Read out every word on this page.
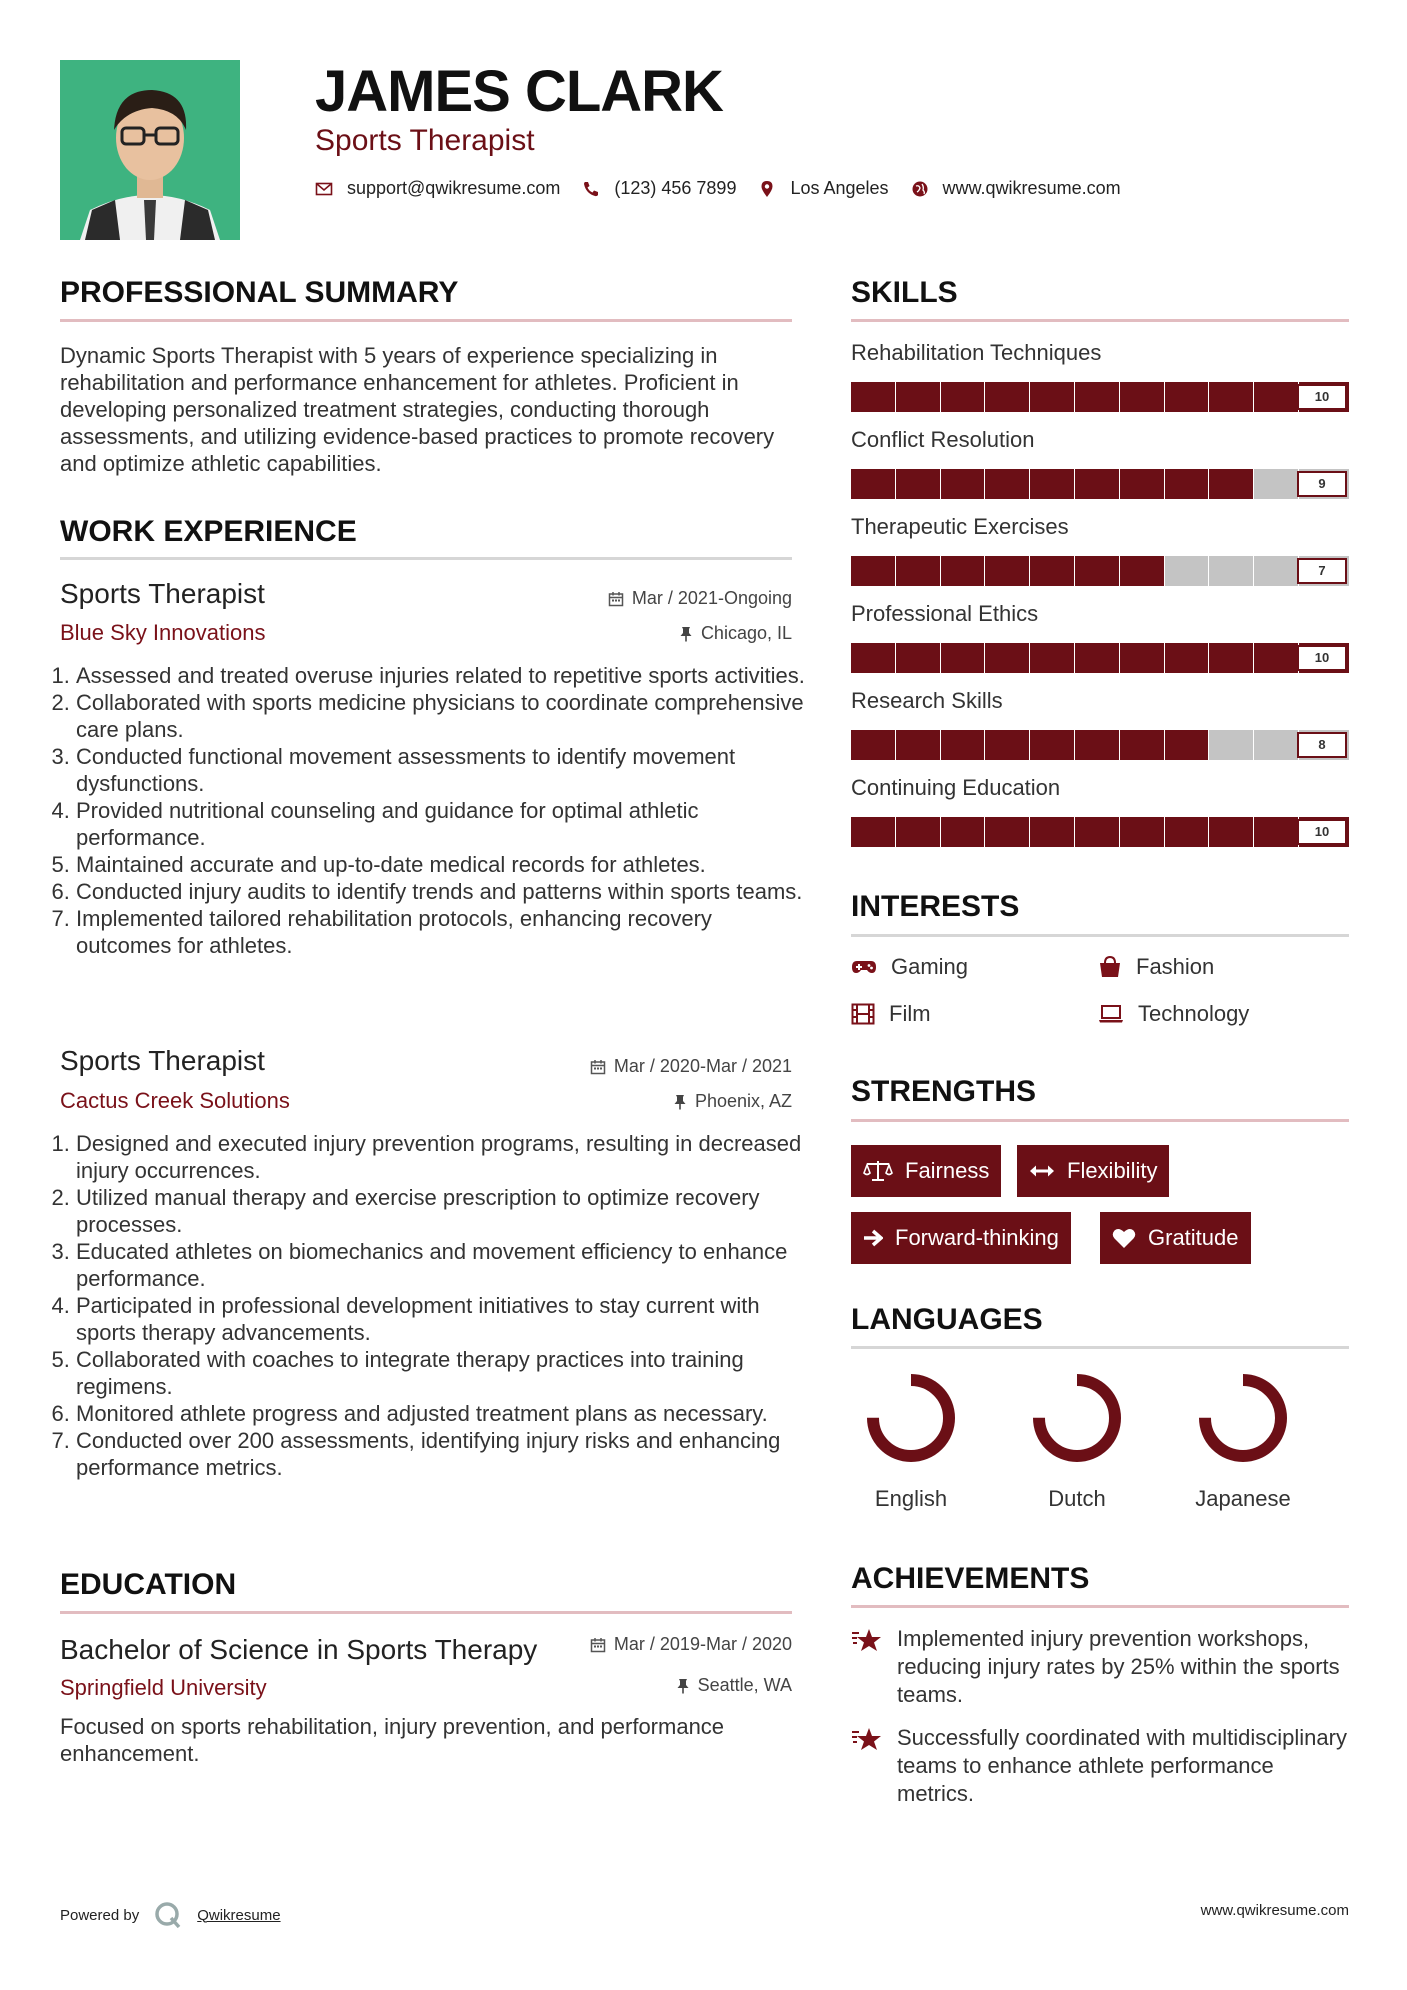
JAMES CLARK
Sports Therapist
support@qwikresume.com	(123) 456 7899	Los Angeles	www.qwikresume.com
PROFESSIONAL SUMMARY
Dynamic Sports Therapist with 5 years of experience specializing in rehabilitation and performance enhancement for athletes. Proficient in developing personalized treatment strategies, conducting thorough assessments, and utilizing evidence-based practices to promote recovery and optimize athletic capabilities.
WORK EXPERIENCE
Sports Therapist	Mar / 2021-Ongoing
Blue Sky Innovations	Chicago, IL
1. Assessed and treated overuse injuries related to repetitive sports activities.
2. Collaborated with sports medicine physicians to coordinate comprehensive care plans.
3. Conducted functional movement assessments to identify movement dysfunctions.
4. Provided nutritional counseling and guidance for optimal athletic performance.
5. Maintained accurate and up-to-date medical records for athletes.
6. Conducted injury audits to identify trends and patterns within sports teams.
7. Implemented tailored rehabilitation protocols, enhancing recovery outcomes for athletes.
Sports Therapist	Mar / 2020-Mar / 2021
Cactus Creek Solutions	Phoenix, AZ
1. Designed and executed injury prevention programs, resulting in decreased injury occurrences.
2. Utilized manual therapy and exercise prescription to optimize recovery processes.
3. Educated athletes on biomechanics and movement efficiency to enhance performance.
4. Participated in professional development initiatives to stay current with sports therapy advancements.
5. Collaborated with coaches to integrate therapy practices into training regimens.
6. Monitored athlete progress and adjusted treatment plans as necessary.
7. Conducted over 200 assessments, identifying injury risks and enhancing performance metrics.
EDUCATION
Bachelor of Science in Sports Therapy	Mar / 2019-Mar / 2020
Springfield University	Seattle, WA
Focused on sports rehabilitation, injury prevention, and performance enhancement.
SKILLS
Rehabilitation Techniques
10
Conflict Resolution
9
Therapeutic Exercises
7
Professional Ethics
10
Research Skills
8
Continuing Education
10
INTERESTS
Gaming	Fashion
Film	Technology
STRENGTHS
Fairness	Flexibility
Forward-thinking	Gratitude
LANGUAGES
English	Dutch	Japanese
ACHIEVEMENTS
Implemented injury prevention workshops, reducing injury rates by 25% within the sports teams.
Successfully coordinated with multidisciplinary teams to enhance athlete performance metrics.
Powered by	Qwikresume	www.qwikresume.com
